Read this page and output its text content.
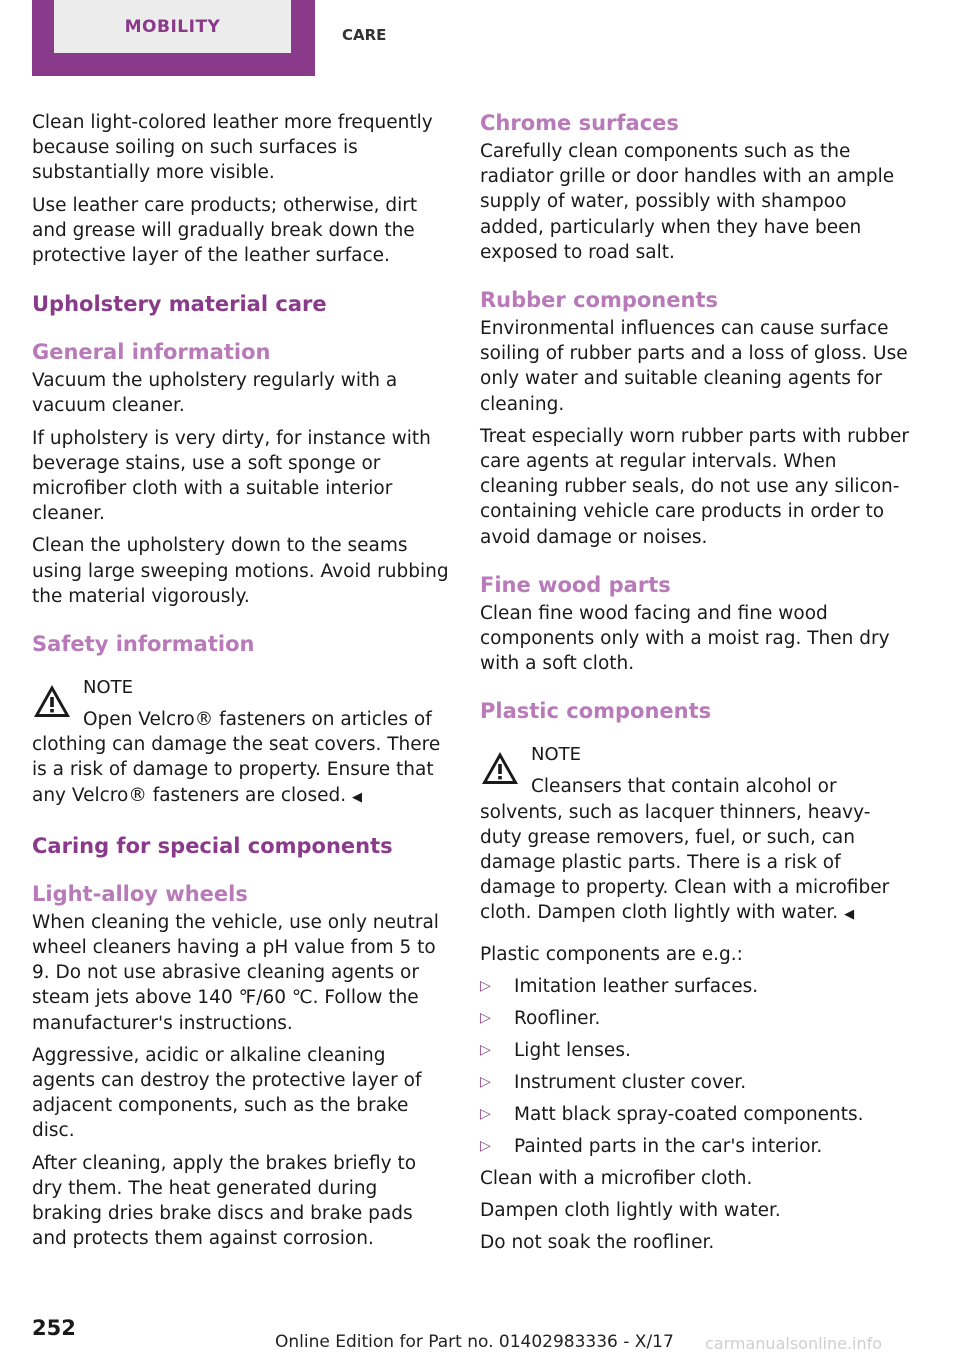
MOBILITY	CARE

Clean light-colored leather more frequently because soiling on such surfaces is substantially more visible.

Use leather care products; otherwise, dirt and grease will gradually break down the protective layer of the leather surface.

Upholstery material care
General information

Vacuum the upholstery regularly with a vacuum cleaner.

If upholstery is very dirty, for instance with beverage stains, use a soft sponge or microfiber cloth with a suitable interior cleaner.

Clean the upholstery down to the seams using large sweeping motions. Avoid rubbing the material vigorously.

Safety information

NOTE

Open Velcro® fasteners on articles of clothing can damage the seat covers. There is a risk of damage to property. Ensure that any Velcro® fasteners are closed. ◀

Caring for special components
Light-alloy wheels

When cleaning the vehicle, use only neutral wheel cleaners having a pH value from 5 to 9. Do not use abrasive cleaning agents or steam jets above 140 ℉/60 ℃. Follow the manufacturer's instructions.

Aggressive, acidic or alkaline cleaning agents can destroy the protective layer of adjacent components, such as the brake disc.

After cleaning, apply the brakes briefly to dry them. The heat generated during braking dries brake discs and brake pads and protects them against corrosion.

Chrome surfaces

Carefully clean components such as the radiator grille or door handles with an ample supply of water, possibly with shampoo added, particularly when they have been exposed to road salt.

Rubber components

Environmental influences can cause surface soiling of rubber parts and a loss of gloss. Use only water and suitable cleaning agents for cleaning.

Treat especially worn rubber parts with rubber care agents at regular intervals. When cleaning rubber seals, do not use any silicon-containing vehicle care products in order to avoid damage or noises.

Fine wood parts

Clean fine wood facing and fine wood components only with a moist rag. Then dry with a soft cloth.

Plastic components

NOTE

Cleansers that contain alcohol or solvents, such as lacquer thinners, heavy-duty grease removers, fuel, or such, can damage plastic parts. There is a risk of damage to property. Clean with a microfiber cloth. Dampen cloth lightly with water. ◀

Plastic components are e.g.:

▷ Imitation leather surfaces.
▷ Roofliner.
▷ Light lenses.
▷ Instrument cluster cover.
▷ Matt black spray-coated components.
▷ Painted parts in the car's interior.

Clean with a microfiber cloth.

Dampen cloth lightly with water.

Do not soak the roofliner.

252
Online Edition for Part no. 01402983336 - X/17 carmanualsonline.info
